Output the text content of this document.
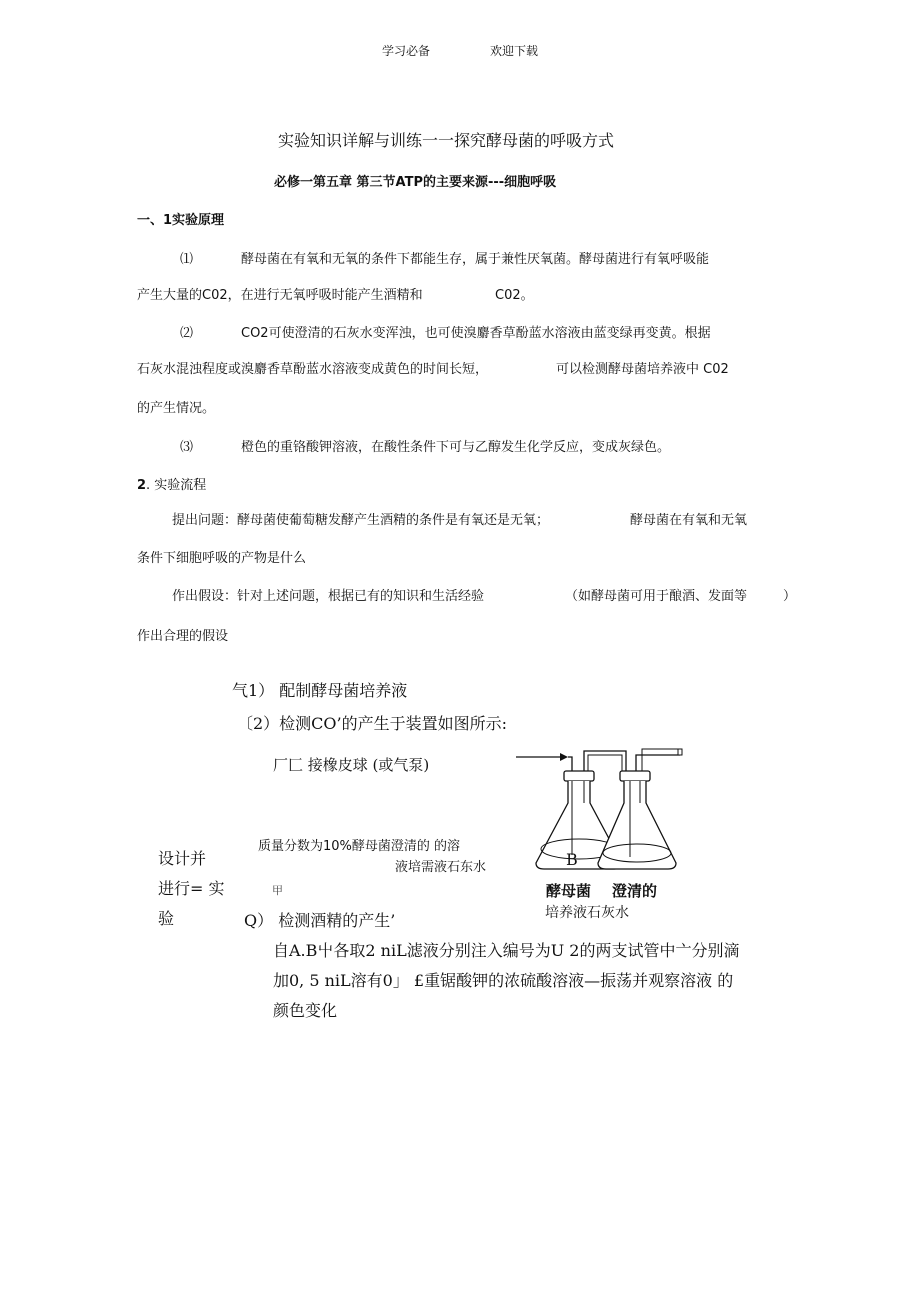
学习必备	欢迎下载
实验知识详解与训练一一探究酵母菌的呼吸方式
必修一第五章 第三节ATP的主要来源---细胞呼吸
一、1实验原理
⑴	酵母菌在有氧和无氧的条件下都能生存，属于兼性厌氧菌。酵母菌进行有氧呼吸能
产生大量的C02，在进行无氧呼吸时能产生酒精和	C02。
⑵	CO2可使澄清的石灰水变浑浊，也可使溴麝香草酚蓝水溶液由蓝变绿再变黄。根据
石灰水混浊程度或溴麝香草酚蓝水溶液变成黄色的时间长短，	可以检测酵母菌培养液中 C02
的产生情况。
⑶	橙色的重铬酸钾溶液，在酸性条件下可与乙醇发生化学反应，变成灰绿色。
2. 实验流程
提出问题：酵母菌使葡萄糖发酵产生酒精的条件是有氧还是无氧；	酵母菌在有氧和无氧
条件下细胞呼吸的产物是什么
作出假设：针对上述问题，根据已有的知识和生活经验	（如酵母菌可用于酿酒、发面等	）
作出合理的假设
气1） 配制酵母菌培养液
〔2）检测CO’的产生于装置如图所示:
厂匚 接橡皮球 (或气泵)
设计并
进行= 实
验
质量分数为10%酵母菌澄清的 的溶
液培需液石东水
甲
Q） 检测酒精的产生’
自A.B屮各取2 niL滤液分别注入编号为U 2的两支试管中亠分别滴
加0, 5 niL溶有0」 £重锯酸钾的浓硫酸溶液—振荡并观察溶液 的
颜色变化
B
酵母菌 澄清的
培养液石灰水
